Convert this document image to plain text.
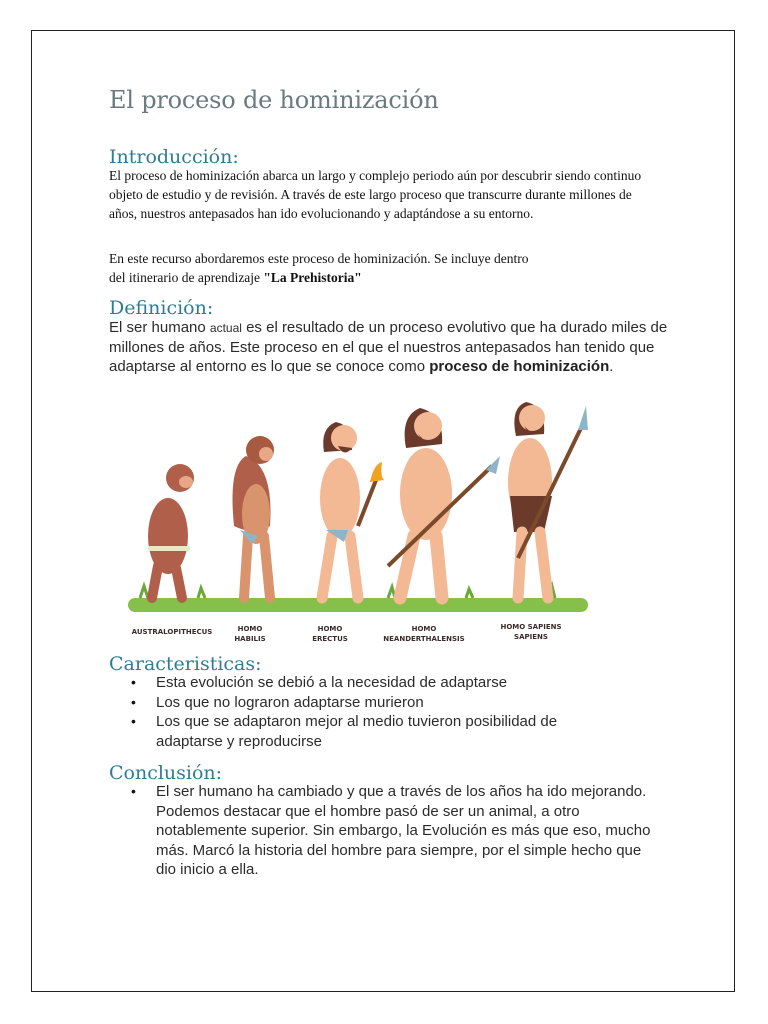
El proceso de hominización
Introducción:

El proceso de hominización abarca un largo y complejo periodo aún por descubrir siendo continuo objeto de estudio y de revisión. A través de este largo proceso que transcurre durante millones de años, nuestros antepasados han ido evolucionando y adaptándose a su entorno.

En este recurso abordaremos este proceso de hominización. Se incluye dentro
del itinerario de aprendizaje "La Prehistoria"

Definición:

El ser humano actual es el resultado de un proceso evolutivo que ha durado miles de millones de años. Este proceso en el que el nuestros antepasados han tenido que adaptarse al entorno es lo que se conoce como proceso de hominización.

AUSTRALOPITHECUS	HOMO
HABILIS
HOMO
ERECTUS
HOMO
NEANDERTHALENSIS
HOMO SAPIENS
SAPIENS
Caracteristicas:
• Esta evolución se debió a la necesidad de adaptarse
• Los que no lograron adaptarse murieron
• Los que se adaptaron mejor al medio tuvieron posibilidad de adaptarse y reproducirse
Conclusión:
• El ser humano ha cambiado y que a través de los años ha ido mejorando. Podemos destacar que el hombre pasó de ser un animal, a otro notablemente superior. Sin embargo, la Evolución es más que eso, mucho más. Marcó la historia del hombre para siempre, por el simple hecho que dio inicio a ella.
